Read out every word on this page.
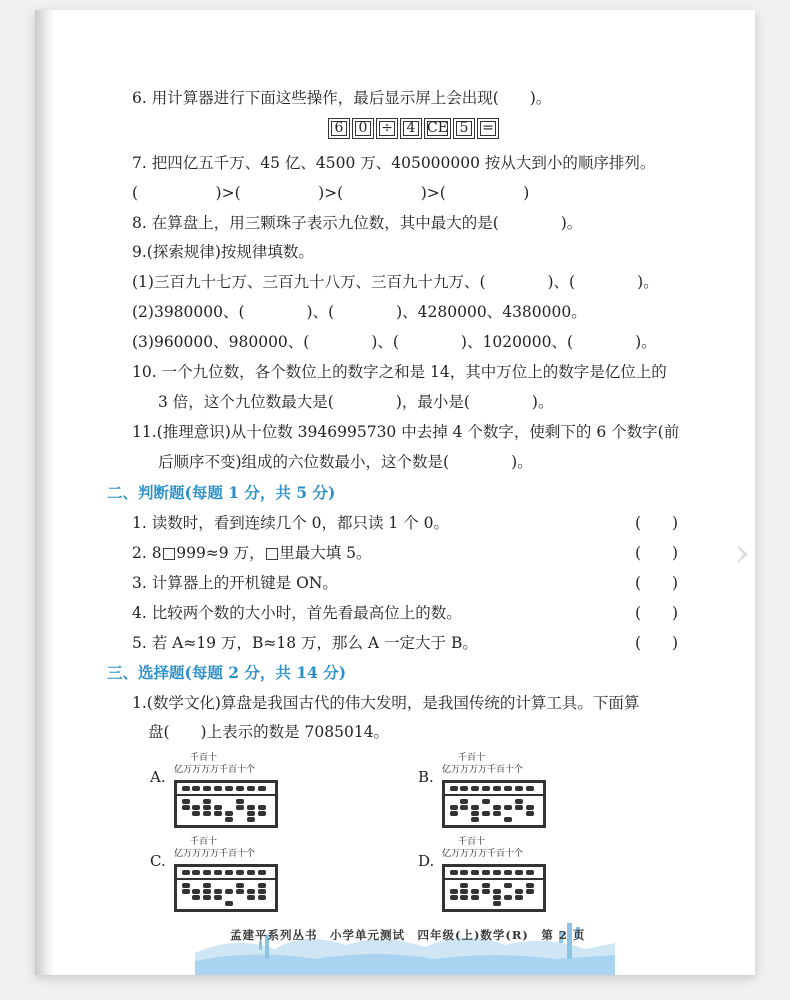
6. 用计算器进行下面这些操作，最后显示屏上会出现(　　)。
6	0 ÷ 4 CE 5 =
7. 把四亿五千万、45 亿、4500 万、405000000 按从大到小的顺序排列。
(　　　　　)>(　　　　　)>(　　　　　)>(　　　　　)
8. 在算盘上，用三颗珠子表示九位数，其中最大的是(　　　　)。
9.(探索规律)按规律填数。
(1)三百九十七万、三百九十八万、三百九十九万、(　　　　)、(　　　　)。
(2)3980000、(　　　　)、(　　　　)、4280000、4380000。
(3)960000、980000、(　　　　)、(　　　　)、1020000、(　　　　)。
10. 一个九位数，各个数位上的数字之和是 14，其中万位上的数字是亿位上的
3 倍，这个九位数最大是(　　　　)，最小是(　　　　)。
11.(推理意识)从十位数 3946995730 中去掉 4 个数字，使剩下的 6 个数字(前
后顺序不变)组成的六位数最小，这个数是(　　　　)。
二、判断题(每题 1 分，共 5 分)
1. 读数时，看到连续几个 0，都只读 1 个 0。	(　　)
2. 8□999≈9 万，□里最大填 5。	(　　)
3. 计算器上的开机键是 ON。	(　　)
4. 比较两个数的大小时，首先看最高位上的数。	(　　)
5. 若 A≈19 万，B≈18 万，那么 A 一定大于 B。	(　　)
三、选择题(每题 2 分，共 14 分)
1.(数学文化)算盘是我国古代的伟大发明，是我国传统的计算工具。下面算
盘(　　)上表示的数是 7085014。
A.
千百十
亿万万万万千百十个	B.
千百十
亿万万万万千百十个
C.
千百十
亿万万万万千百十个	D.
千百十
亿万万万万千百十个
孟建平系列丛书　小学单元测试　四年级(上)数学(R)　第 2 页
›
